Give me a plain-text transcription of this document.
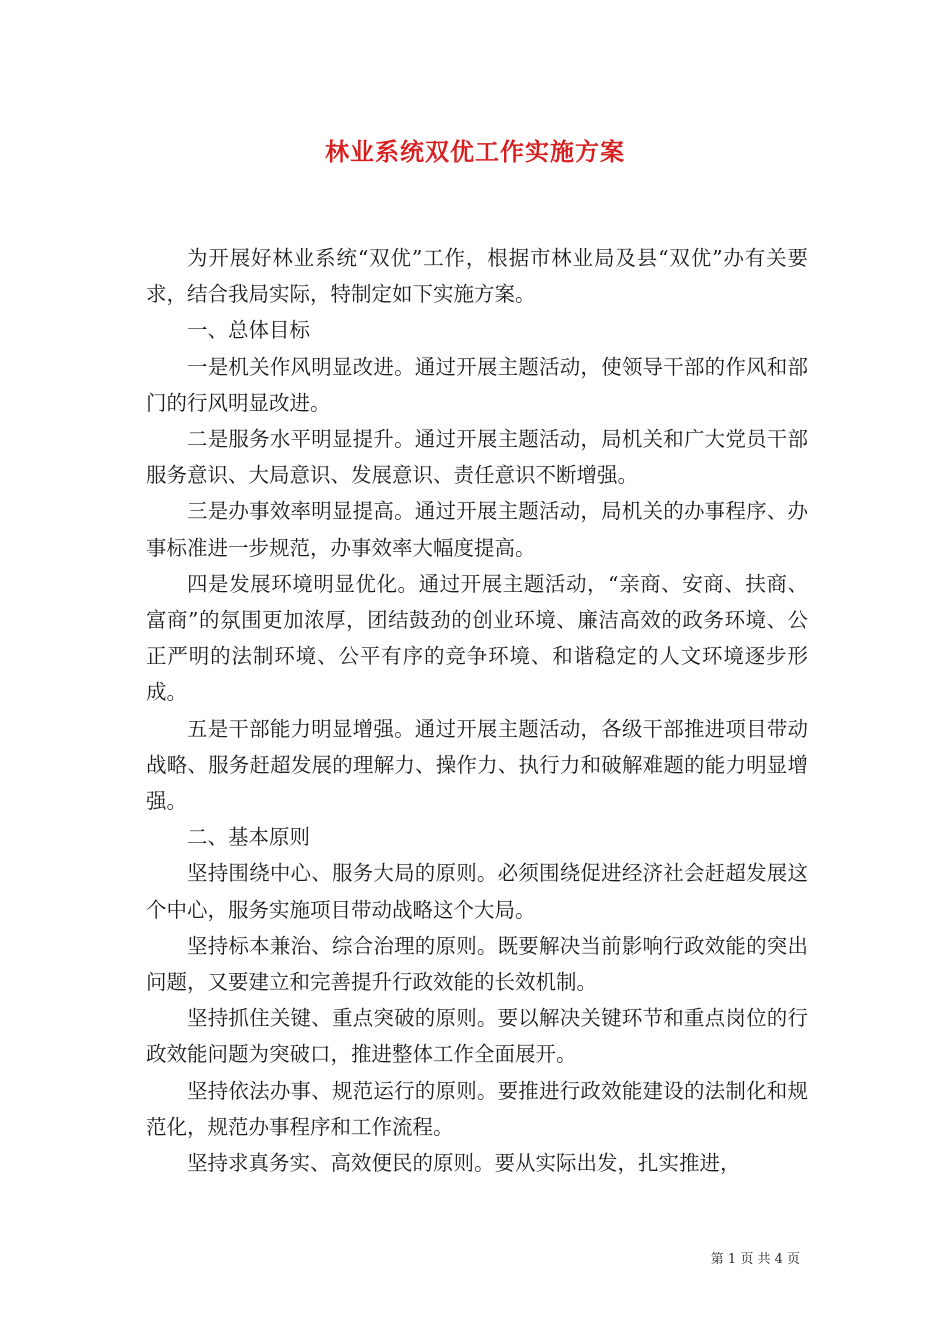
林业系统双优工作实施方案

为开展好林业系统“双优”工作，根据市林业局及县“双优”办有关要求，结合我局实际，特制定如下实施方案。

一、总体目标

一是机关作风明显改进。通过开展主题活动，使领导干部的作风和部门的行风明显改进。

二是服务水平明显提升。通过开展主题活动，局机关和广大党员干部服务意识、大局意识、发展意识、责任意识不断增强。

三是办事效率明显提高。通过开展主题活动，局机关的办事程序、办事标准进一步规范，办事效率大幅度提高。

四是发展环境明显优化。通过开展主题活动，“亲商、安商、扶商、富商”的氛围更加浓厚，团结鼓劲的创业环境、廉洁高效的政务环境、公正严明的法制环境、公平有序的竞争环境、和谐稳定的人文环境逐步形成。

五是干部能力明显增强。通过开展主题活动，各级干部推进项目带动战略、服务赶超发展的理解力、操作力、执行力和破解难题的能力明显增强。

二、基本原则

坚持围绕中心、服务大局的原则。必须围绕促进经济社会赶超发展这个中心，服务实施项目带动战略这个大局。

坚持标本兼治、综合治理的原则。既要解决当前影响行政效能的突出问题，又要建立和完善提升行政效能的长效机制。

坚持抓住关键、重点突破的原则。要以解决关键环节和重点岗位的行政效能问题为突破口，推进整体工作全面展开。

坚持依法办事、规范运行的原则。要推进行政效能建设的法制化和规范化，规范办事程序和工作流程。

坚持求真务实、高效便民的原则。要从实际出发，扎实推进，

第 1 页 共 4 页
